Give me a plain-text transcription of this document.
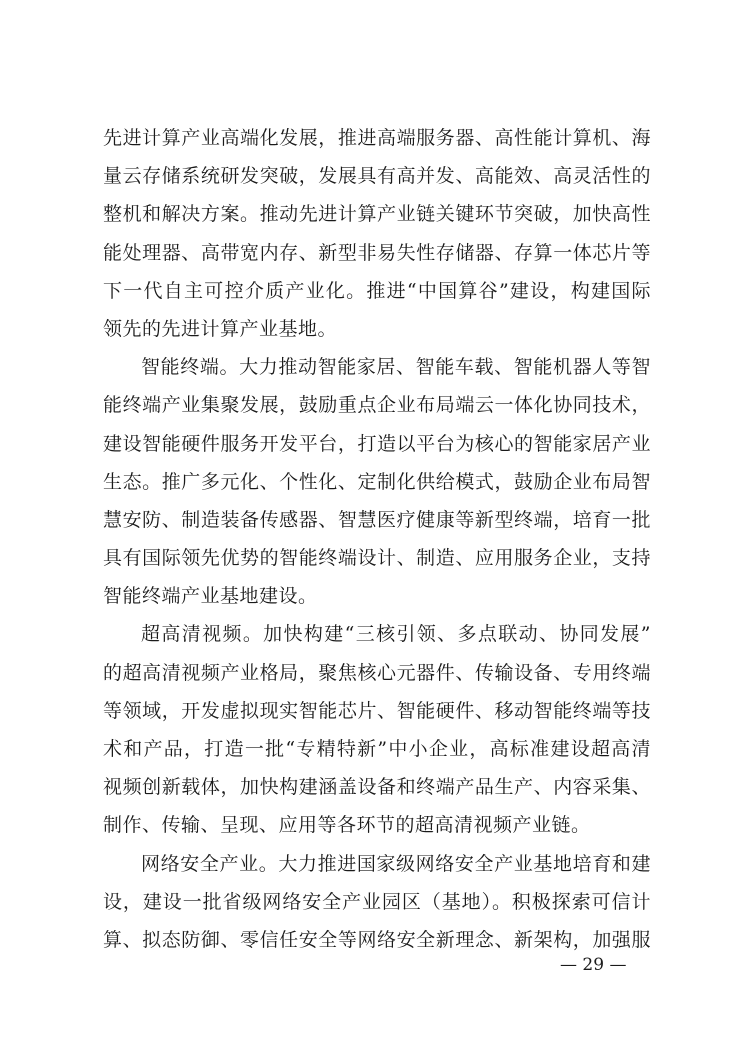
先进计算产业高端化发展，推进高端服务器、高性能计算机、海
量云存储系统研发突破，发展具有高并发、高能效、高灵活性的
整机和解决方案。推动先进计算产业链关键环节突破，加快高性
能处理器、高带宽内存、新型非易失性存储器、存算一体芯片等
下一代自主可控介质产业化。推进“中国算谷”建设，构建国际
领先的先进计算产业基地。
智能终端。大力推动智能家居、智能车载、智能机器人等智
能终端产业集聚发展，鼓励重点企业布局端云一体化协同技术，
建设智能硬件服务开发平台，打造以平台为核心的智能家居产业
生态。推广多元化、个性化、定制化供给模式，鼓励企业布局智
慧安防、制造装备传感器、智慧医疗健康等新型终端，培育一批
具有国际领先优势的智能终端设计、制造、应用服务企业，支持
智能终端产业基地建设。
超高清视频。加快构建“三核引领、多点联动、协同发展”
的超高清视频产业格局，聚焦核心元器件、传输设备、专用终端
等领域，开发虚拟现实智能芯片、智能硬件、移动智能终端等技
术和产品，打造一批“专精特新”中小企业，高标准建设超高清
视频创新载体，加快构建涵盖设备和终端产品生产、内容采集、
制作、传输、呈现、应用等各环节的超高清视频产业链。
网络安全产业。大力推进国家级网络安全产业基地培育和建
设，建设一批省级网络安全产业园区（基地）。积极探索可信计
算、拟态防御、零信任安全等网络安全新理念、新架构，加强服
— 29 —
